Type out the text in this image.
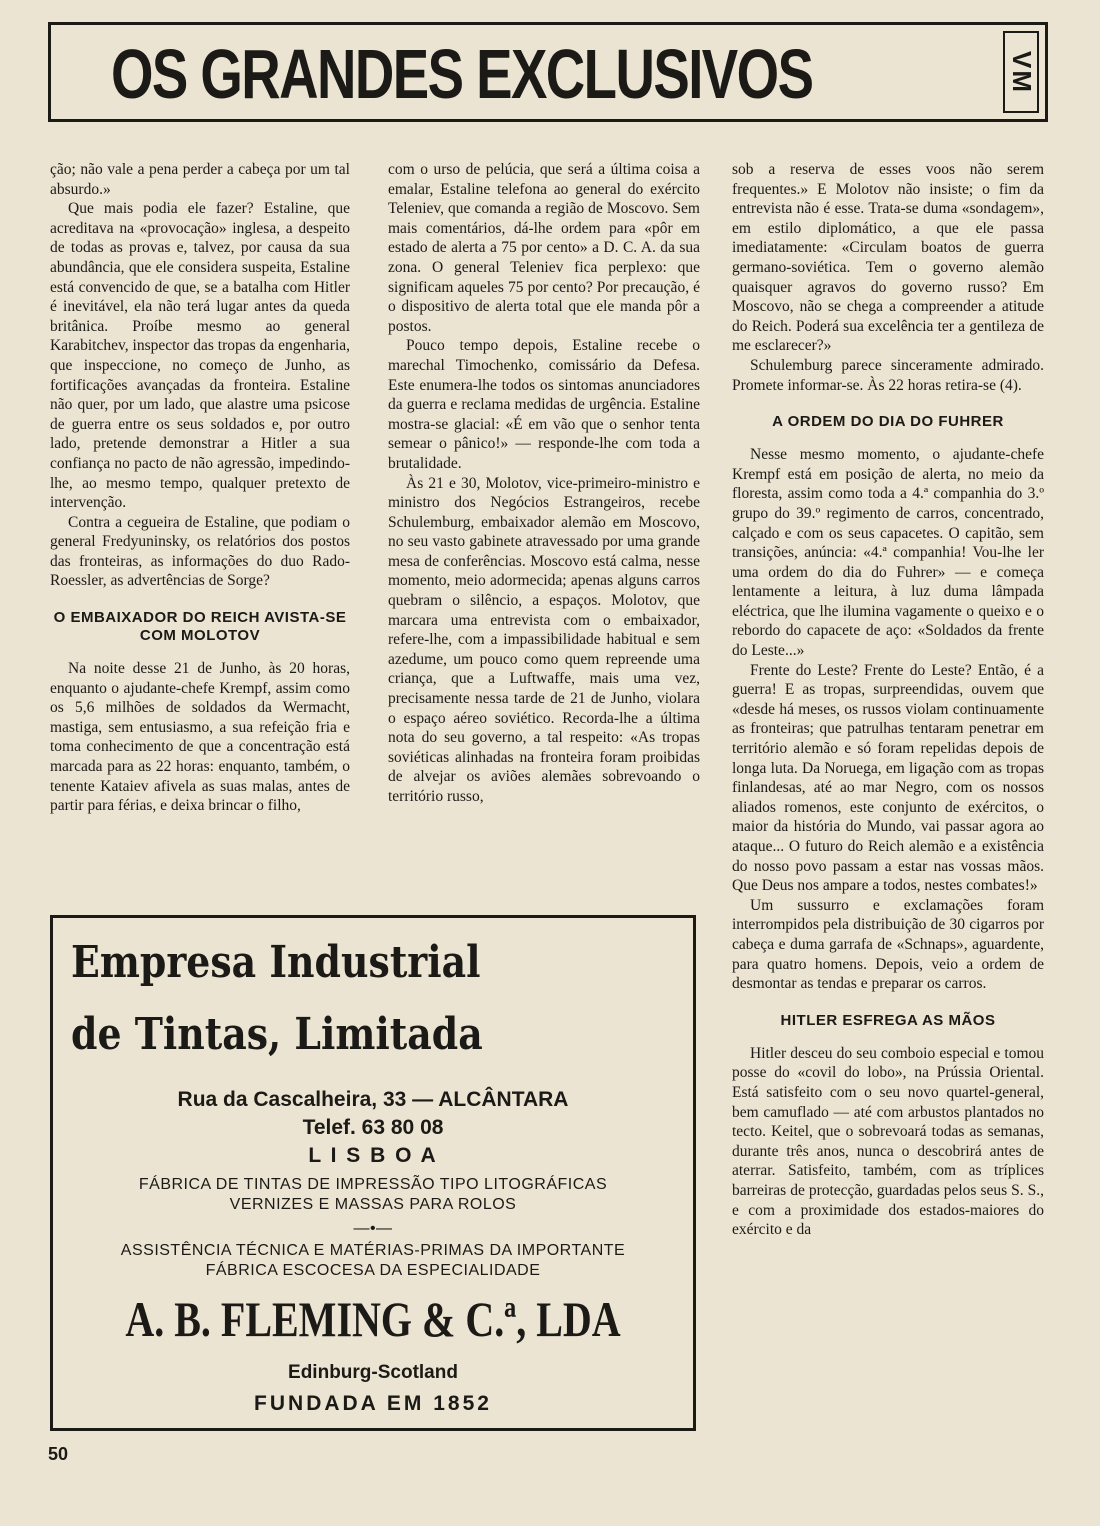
OS GRANDES EXCLUSIVOS	VM

ção; não vale a pena perder a cabeça por um tal absurdo.»

Que mais podia ele fazer? Estaline, que acreditava na «provocação» inglesa, a despeito de todas as provas e, talvez, por causa da sua abundância, que ele considera suspeita, Estaline está convencido de que, se a batalha com Hitler é inevitável, ela não terá lugar antes da queda britânica. Proíbe mesmo ao general Karabitchev, inspector das tropas da engenharia, que inspeccione, no começo de Junho, as fortificações avançadas da fronteira. Estaline não quer, por um lado, que alastre uma psicose de guerra entre os seus soldados e, por outro lado, pretende demonstrar a Hitler a sua confiança no pacto de não agressão, impedindo-lhe, ao mesmo tempo, qualquer pretexto de intervenção.

Contra a cegueira de Estaline, que podiam o general Fredyuninsky, os relatórios dos postos das fronteiras, as informações do duo Rado-Roessler, as advertências de Sorge?

O EMBAIXADOR DO REICH AVISTA-SE COM MOLOTOV

Na noite desse 21 de Junho, às 20 horas, enquanto o ajudante-chefe Krempf, assim como os 5,6 milhões de soldados da Wermacht, mastiga, sem entusiasmo, a sua refeição fria e toma conhecimento de que a concentração está marcada para as 22 horas: enquanto, também, o tenente Kataiev afivela as suas malas, antes de partir para férias, e deixa brincar o filho,

com o urso de pelúcia, que será a última coisa a emalar, Estaline telefona ao general do exército Teleniev, que comanda a região de Moscovo. Sem mais comentários, dá-lhe ordem para «pôr em estado de alerta a 75 por cento» a D. C. A. da sua zona. O general Teleniev fica perplexo: que significam aqueles 75 por cento? Por precaução, é o dispositivo de alerta total que ele manda pôr a postos.

Pouco tempo depois, Estaline recebe o marechal Timochenko, comissário da Defesa. Este enumera-lhe todos os sintomas anunciadores da guerra e reclama medidas de urgência. Estaline mostra-se glacial: «É em vão que o senhor tenta semear o pânico!» — responde-lhe com toda a brutalidade.

Às 21 e 30, Molotov, vice-primeiro-ministro e ministro dos Negócios Estrangeiros, recebe Schulemburg, embaixador alemão em Moscovo, no seu vasto gabinete atravessado por uma grande mesa de conferências. Moscovo está calma, nesse momento, meio adormecida; apenas alguns carros quebram o silêncio, a espaços. Molotov, que marcara uma entrevista com o embaixador, refere-lhe, com a impassibilidade habitual e sem azedume, um pouco como quem repreende uma criança, que a Luftwaffe, mais uma vez, precisamente nessa tarde de 21 de Junho, violara o espaço aéreo soviético. Recorda-lhe a última nota do seu governo, a tal respeito: «As tropas soviéticas alinhadas na fronteira foram proibidas de alvejar os aviões alemães sobrevoando o território russo,

sob a reserva de esses voos não serem frequentes.» E Molotov não insiste; o fim da entrevista não é esse. Trata-se duma «sondagem», em estilo diplomático, a que ele passa imediatamente: «Circulam boatos de guerra germano-soviética. Tem o governo alemão quaisquer agravos do governo russo? Em Moscovo, não se chega a compreender a atitude do Reich. Poderá sua excelência ter a gentileza de me esclarecer?»

Schulemburg parece sinceramente admirado. Promete informar-se. Às 22 horas retira-se (4).

A ORDEM DO DIA DO FUHRER

Nesse mesmo momento, o ajudante-chefe Krempf está em posição de alerta, no meio da floresta, assim como toda a 4.ª companhia do 3.º grupo do 39.º regimento de carros, concentrado, calçado e com os seus capacetes. O capitão, sem transições, anúncia: «4.ª companhia! Vou-lhe ler uma ordem do dia do Fuhrer» — e começa lentamente a leitura, à luz duma lâmpada eléctrica, que lhe ilumina vagamente o queixo e o rebordo do capacete de aço: «Soldados da frente do Leste...»

Frente do Leste? Frente do Leste? Então, é a guerra! E as tropas, surpreendidas, ouvem que «desde há meses, os russos violam continuamente as fronteiras; que patrulhas tentaram penetrar em território alemão e só foram repelidas depois de longa luta. Da Noruega, em ligação com as tropas finlandesas, até ao mar Negro, com os nossos aliados romenos, este conjunto de exércitos, o maior da história do Mundo, vai passar agora ao ataque... O futuro do Reich alemão e a existência do nosso povo passam a estar nas vossas mãos. Que Deus nos ampare a todos, nestes combates!»

Um sussurro e exclamações foram interrompidos pela distribuição de 30 cigarros por cabeça e duma garrafa de «Schnaps», aguardente, para quatro homens. Depois, veio a ordem de desmontar as tendas e preparar os carros.

HITLER ESFREGA AS MÃOS

Hitler desceu do seu comboio especial e tomou posse do «covil do lobo», na Prússia Oriental. Está satisfeito com o seu novo quartel-general, bem camuflado — até com arbustos plantados no tecto. Keitel, que o sobrevoará todas as semanas, durante três anos, nunca o descobrirá antes de aterrar. Satisfeito, também, com as tríplices barreiras de protecção, guardadas pelos seus S. S., e com a proximidade dos estados-maiores do exército e da

Empresa Industrial
de Tintas, Limitada
Rua da Cascalheira, 33 — ALCÂNTARA
Telef. 63 80 08
L I S B O A
FÁBRICA DE TINTAS DE IMPRESSÃO TIPO LITOGRÁFICAS
VERNIZES E MASSAS PARA ROLOS
—•—
ASSISTÊNCIA TÉCNICA E MATÉRIAS-PRIMAS DA IMPORTANTE
FÁBRICA ESCOCESA DA ESPECIALIDADE
A. B. FLEMING & C.ª, LDA
Edinburg-Scotland
FUNDADA EM 1852
50
